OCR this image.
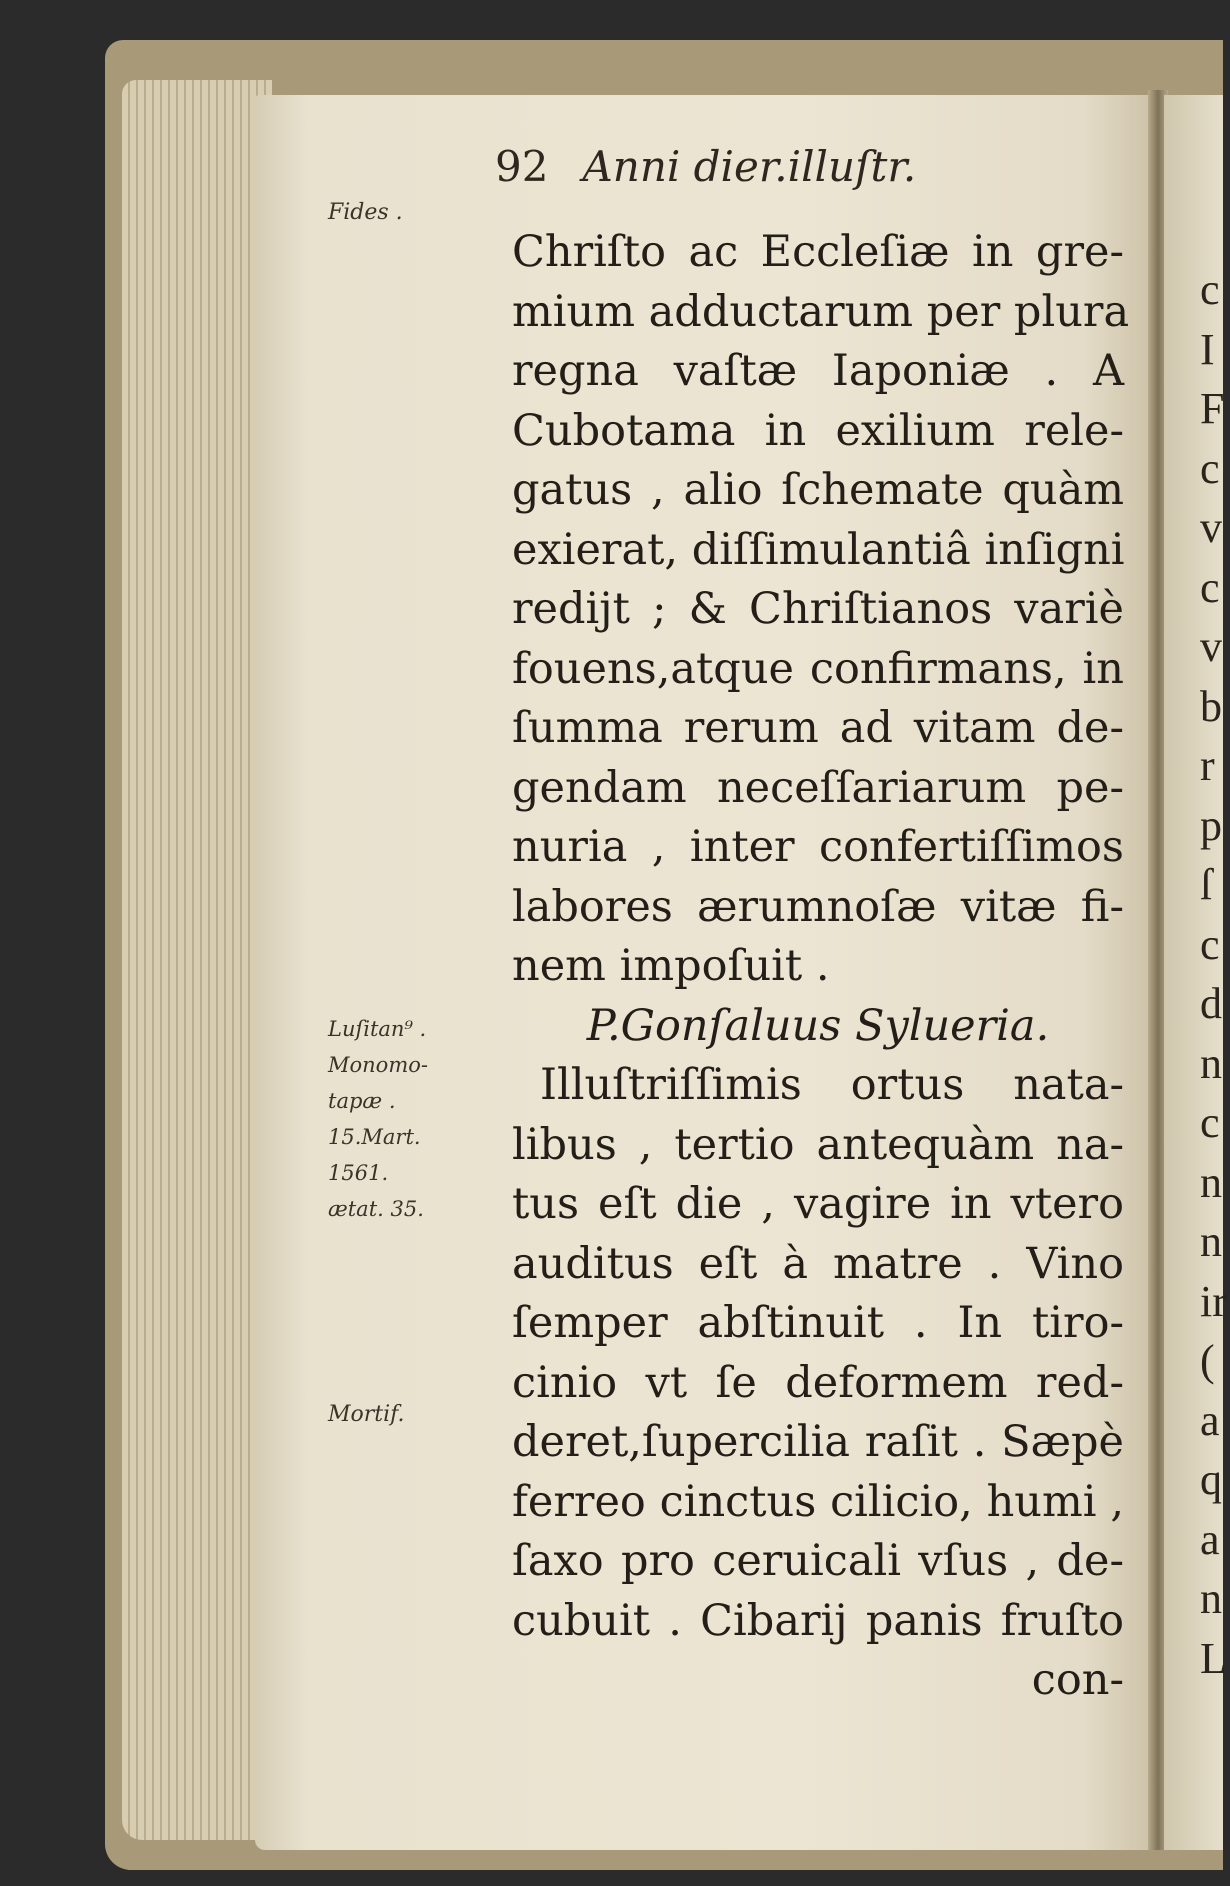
c
I
F
c
v
c
v
b
r
p
ſ
c
d
n
c
n
n
ir
(
a
q
a
n
L
92 Anni dier.illuſtr.
Fides .
Luſitan⁹ .
Monomo-
tapæ .
15.Mart.
1561.
ætat. 35.
Mortif.
Chriſto ac Eccleſiæ in gre-
mium adductarum per plura
regna vaſtæ Iaponiæ . A
Cubotama in exilium rele-
gatus , alio ſchemate quàm
exierat, diſſimulantiâ inſigni
redijt ; & Chriſtianos variè
fouens,atque confirmans, in
ſumma rerum ad vitam de-
gendam neceſſariarum pe-
nuria , inter confertiſſimos
labores ærumnoſæ vitæ fi-
nem impoſuit .
P.Gonſaluus Sylueria.
Illuſtriſſimis ortus nata-
libus , tertio antequàm na-
tus eſt die , vagire in vtero
auditus eſt à matre . Vino
ſemper abſtinuit . In tiro-
cinio vt ſe deformem red-
deret,ſupercilia raſit . Sæpè
ferreo cinctus cilicio, humi ,
ſaxo pro ceruicali vſus , de-
cubuit . Cibarij panis fruſto
con-
